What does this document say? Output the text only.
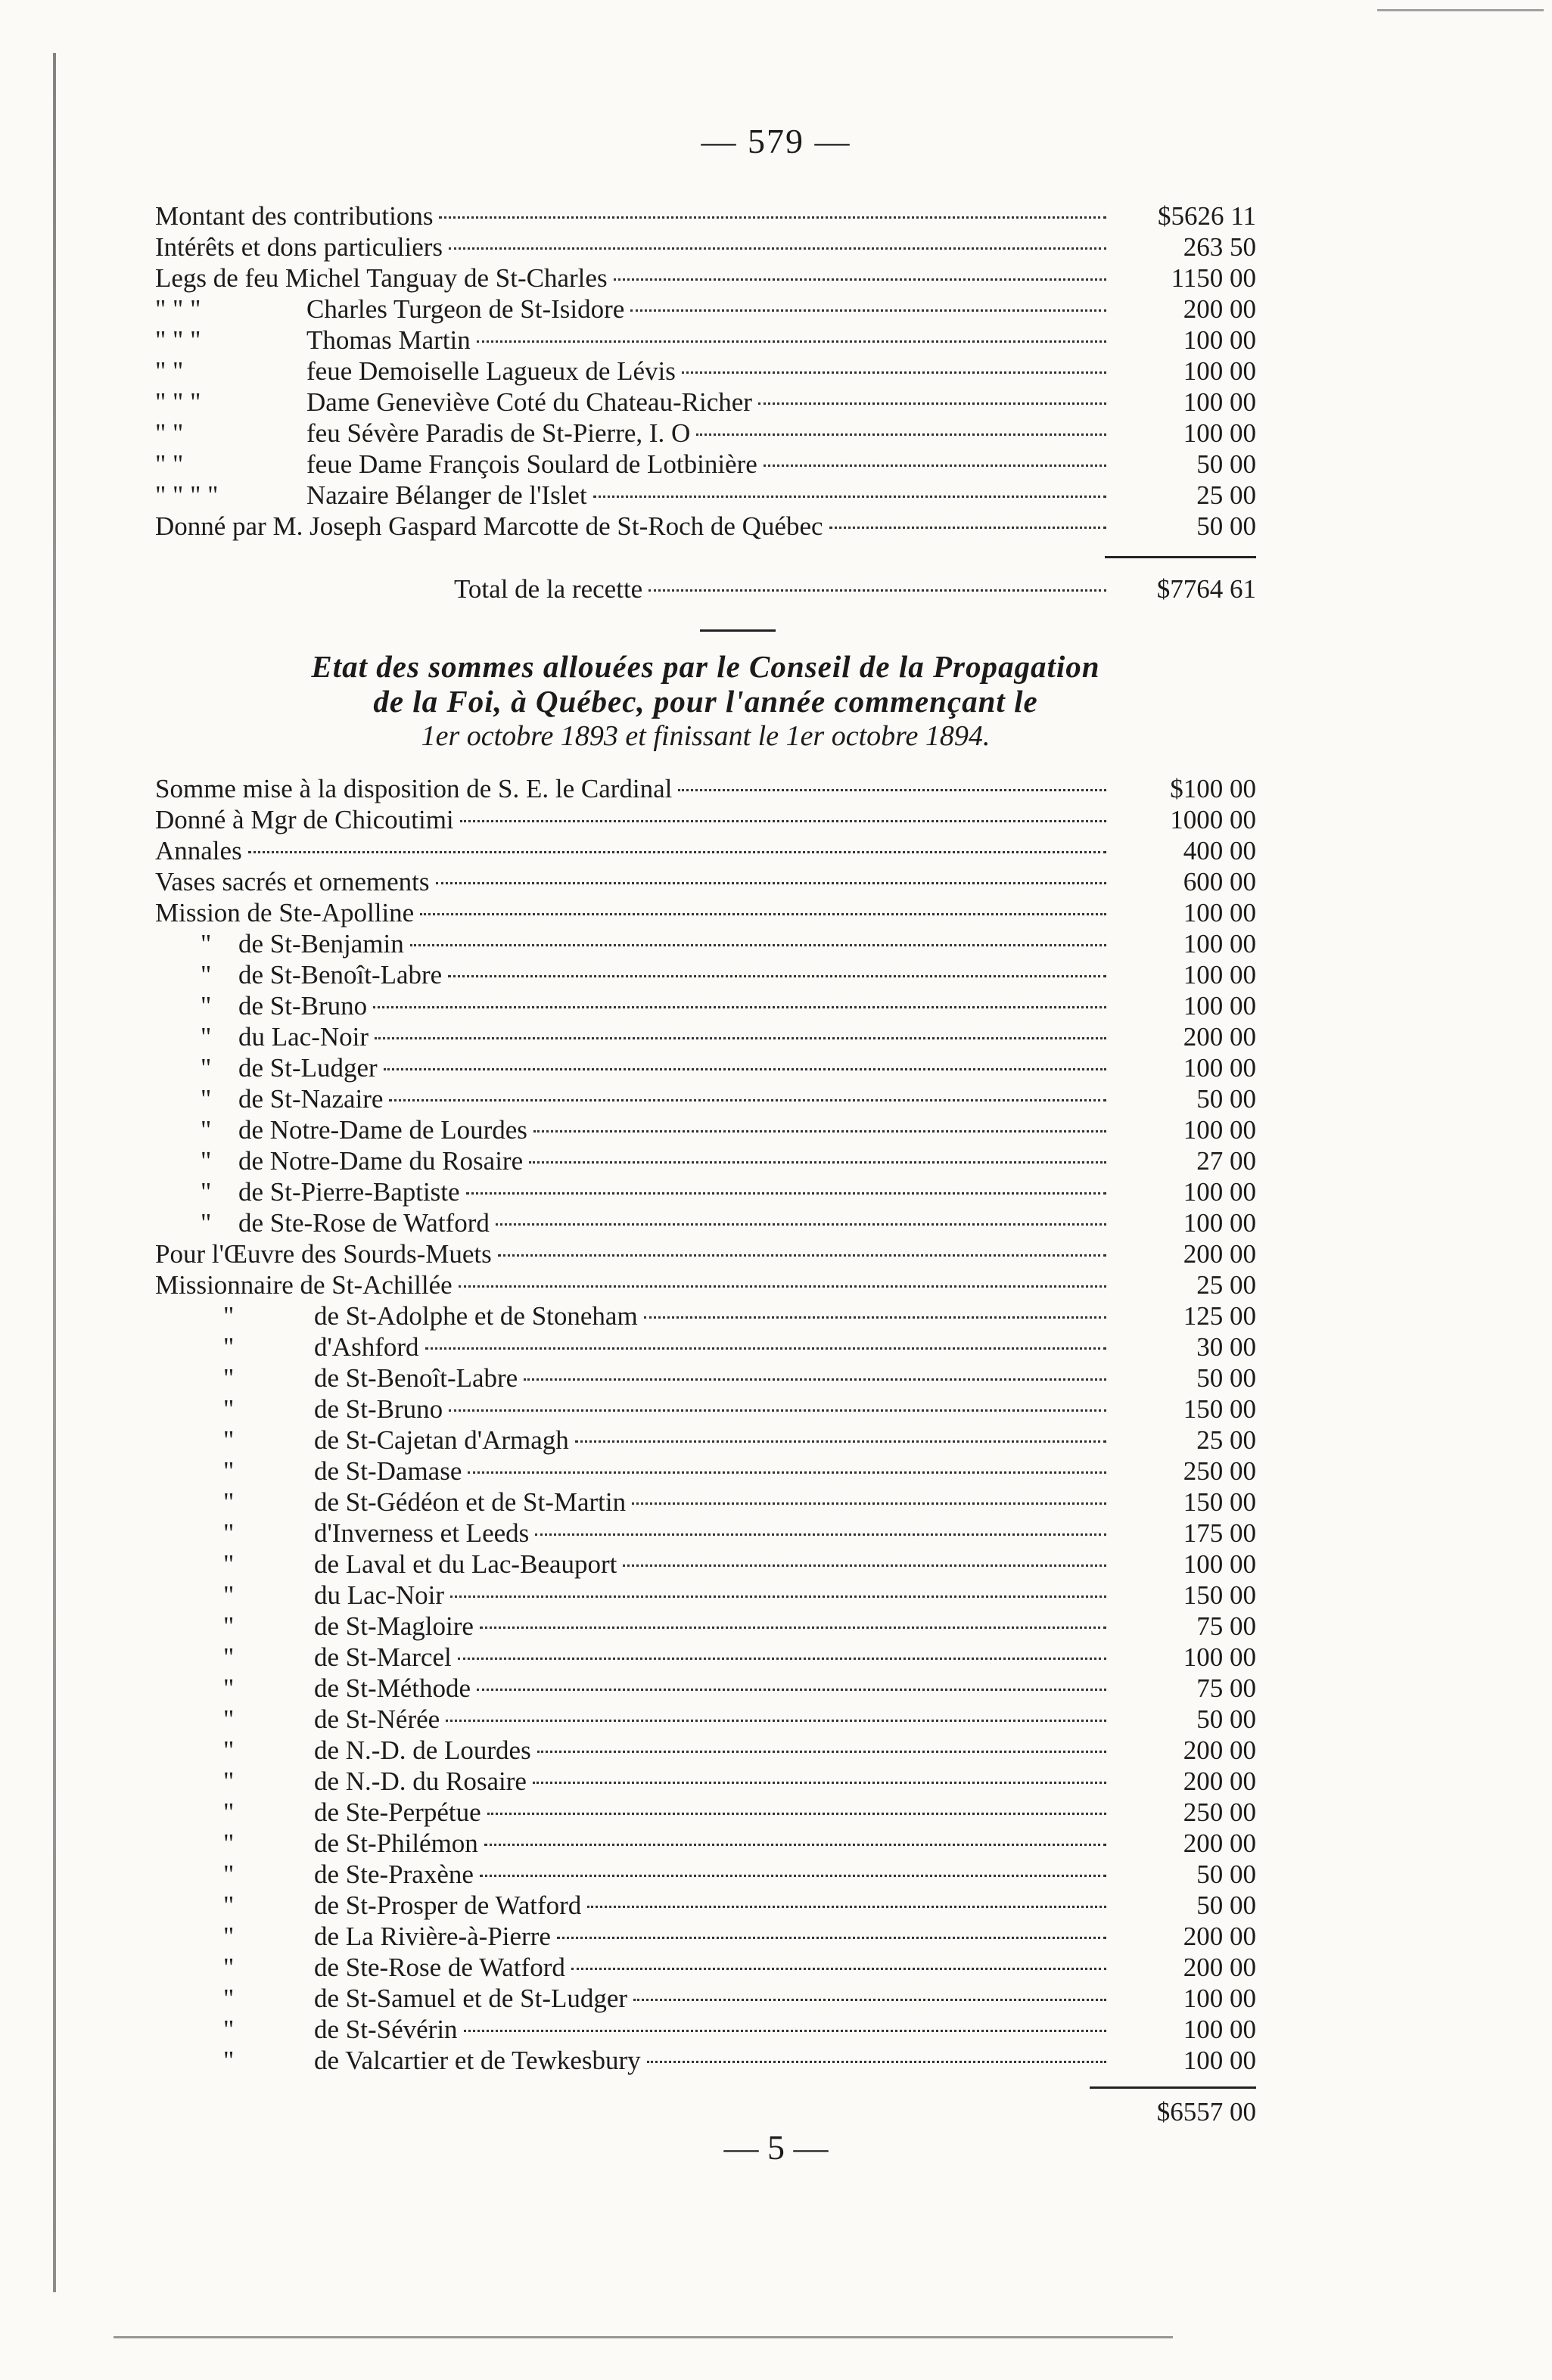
— 579 —
Montant des contributions	$5626 11
Intérêts et dons particuliers	263 50
Legs de feu Michel Tanguay de St-Charles	1150 00
" " "	Charles Turgeon de St-Isidore	200 00
" " "	Thomas Martin	100 00
" "	feue Demoiselle Lagueux de Lévis	100 00
" " "	Dame Geneviève Coté du Chateau-Richer	100 00
" "	feu Sévère Paradis de St-Pierre, I. O	100 00
" "	feue Dame François Soulard de Lotbinière	50 00
" " " "	Nazaire Bélanger de l'Islet	25 00
Donné par M. Joseph Gaspard Marcotte de St-Roch de Québec	50 00
Total de la recette	$7764 61
Etat des sommes allouées par le Conseil de la Propagation
de la Foi, à Québec, pour l'année commençant le
1er octobre 1893 et finissant le 1er octobre 1894.
Somme mise à la disposition de S. E. le Cardinal	$100 00
Donné à Mgr de Chicoutimi	1000 00
Annales	400 00
Vases sacrés et ornements	600 00
Mission de Ste-Apolline	100 00
" de St-Benjamin	100 00
" de St-Benoît-Labre	100 00
" de St-Bruno	100 00
" du Lac-Noir	200 00
" de St-Ludger	100 00
" de St-Nazaire	50 00
" de Notre-Dame de Lourdes	100 00
" de Notre-Dame du Rosaire	27 00
" de St-Pierre-Baptiste	100 00
" de Ste-Rose de Watford	100 00
Pour l'Œuvre des Sourds-Muets	200 00
Missionnaire de St-Achillée	25 00
"	de St-Adolphe et de Stoneham	125 00
"	d'Ashford	30 00
"	de St-Benoît-Labre	50 00
"	de St-Bruno	150 00
"	de St-Cajetan d'Armagh	25 00
"	de St-Damase	250 00
"	de St-Gédéon et de St-Martin	150 00
"	d'Inverness et Leeds	175 00
"	de Laval et du Lac-Beauport	100 00
"	du Lac-Noir	150 00
"	de St-Magloire	75 00
"	de St-Marcel	100 00
"	de St-Méthode	75 00
"	de St-Nérée	50 00
"	de N.-D. de Lourdes	200 00
"	de N.-D. du Rosaire	200 00
"	de Ste-Perpétue	250 00
"	de St-Philémon	200 00
"	de Ste-Praxène	50 00
"	de St-Prosper de Watford	50 00
"	de La Rivière-à-Pierre	200 00
"	de Ste-Rose de Watford	200 00
"	de St-Samuel et de St-Ludger	100 00
"	de St-Sévérin	100 00
"	de Valcartier et de Tewkesbury	100 00
$6557 00
— 5 —
